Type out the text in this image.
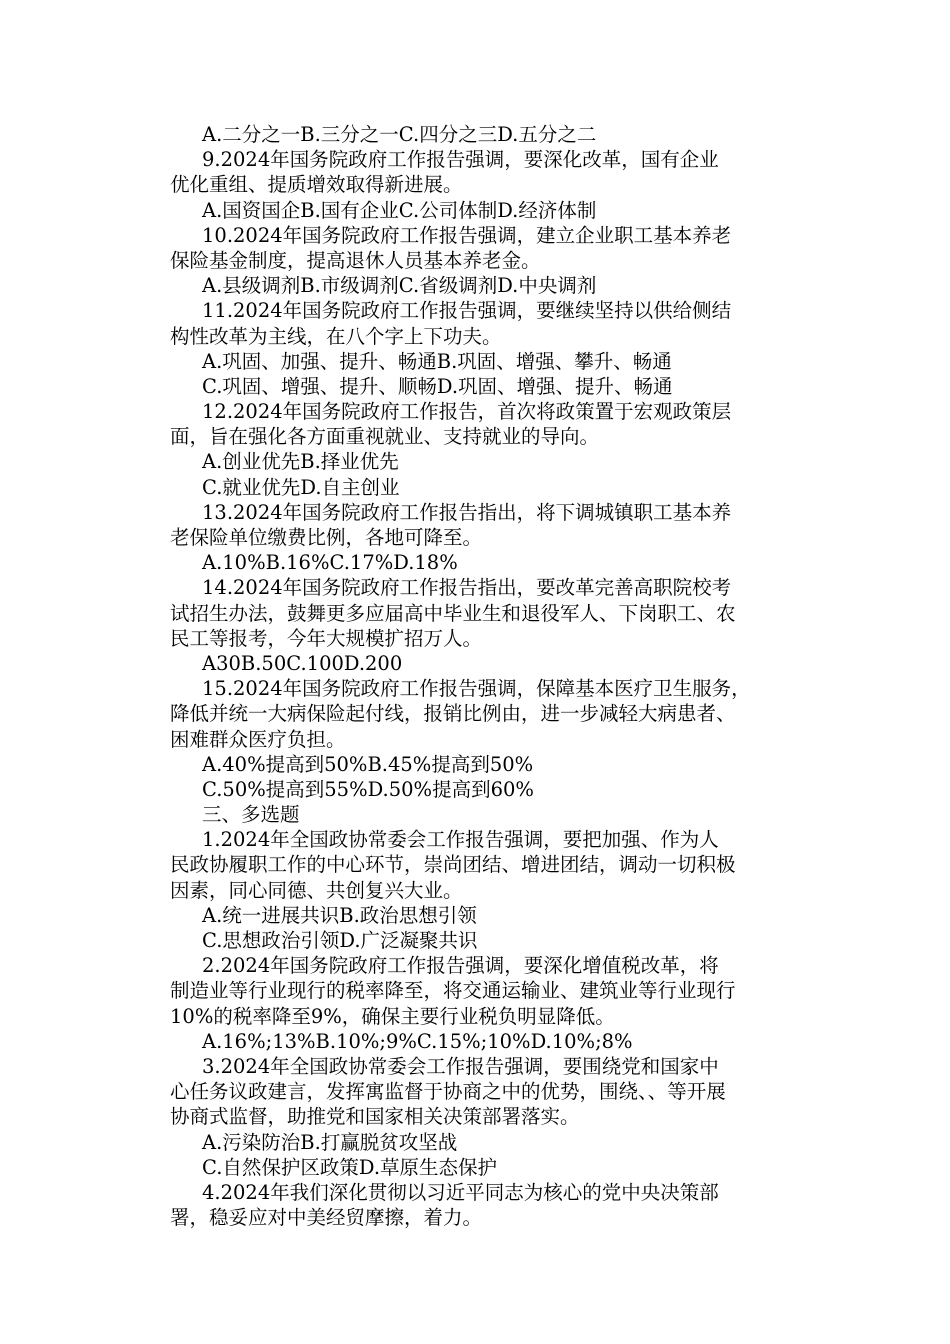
A.二分之一B.三分之一C.四分之三D.五分之二
9.2024年国务院政府工作报告强调，要深化改革，国有企业
优化重组、提质增效取得新进展。
A.国资国企B.国有企业C.公司体制D.经济体制
10.2024年国务院政府工作报告强调，建立企业职工基本养老
保险基金制度，提高退休人员基本养老金。
A.县级调剂B.市级调剂C.省级调剂D.中央调剂
11.2024年国务院政府工作报告强调，要继续坚持以供给侧结
构性改革为主线，在八个字上下功夫。
A.巩固、加强、提升、畅通B.巩固、增强、攀升、畅通
C.巩固、增强、提升、顺畅D.巩固、增强、提升、畅通
12.2024年国务院政府工作报告，首次将政策置于宏观政策层
面，旨在强化各方面重视就业、支持就业的导向。
A.创业优先B.择业优先
C.就业优先D.自主创业
13.2024年国务院政府工作报告指出，将下调城镇职工基本养
老保险单位缴费比例，各地可降至。
A.10%B.16%C.17%D.18%
14.2024年国务院政府工作报告指出，要改革完善高职院校考
试招生办法，鼓舞更多应届高中毕业生和退役军人、下岗职工、农
民工等报考，今年大规模扩招万人。
A30B.50C.100D.200
15.2024年国务院政府工作报告强调，保障基本医疗卫生服务，
降低并统一大病保险起付线，报销比例由，进一步减轻大病患者、
困难群众医疗负担。
A.40%提高到50%B.45%提高到50%
C.50%提高到55%D.50%提高到60%
三、多选题
1.2024年全国政协常委会工作报告强调，要把加强、作为人
民政协履职工作的中心环节，崇尚团结、增进团结，调动一切积极
因素，同心同德、共创复兴大业。
A.统一进展共识B.政治思想引领
C.思想政治引领D.广泛凝聚共识
2.2024年国务院政府工作报告强调，要深化增值税改革，将
制造业等行业现行的税率降至，将交通运输业、建筑业等行业现行
10%的税率降至9%，确保主要行业税负明显降低。
A.16%;13%B.10%;9%C.15%;10%D.10%;8%
3.2024年全国政协常委会工作报告强调，要围绕党和国家中
心任务议政建言，发挥寓监督于协商之中的优势，围绕、、等开展
协商式监督，助推党和国家相关决策部署落实。
A.污染防治B.打赢脱贫攻坚战
C.自然保护区政策D.草原生态保护
4.2024年我们深化贯彻以习近平同志为核心的党中央决策部
署，稳妥应对中美经贸摩擦，着力。
